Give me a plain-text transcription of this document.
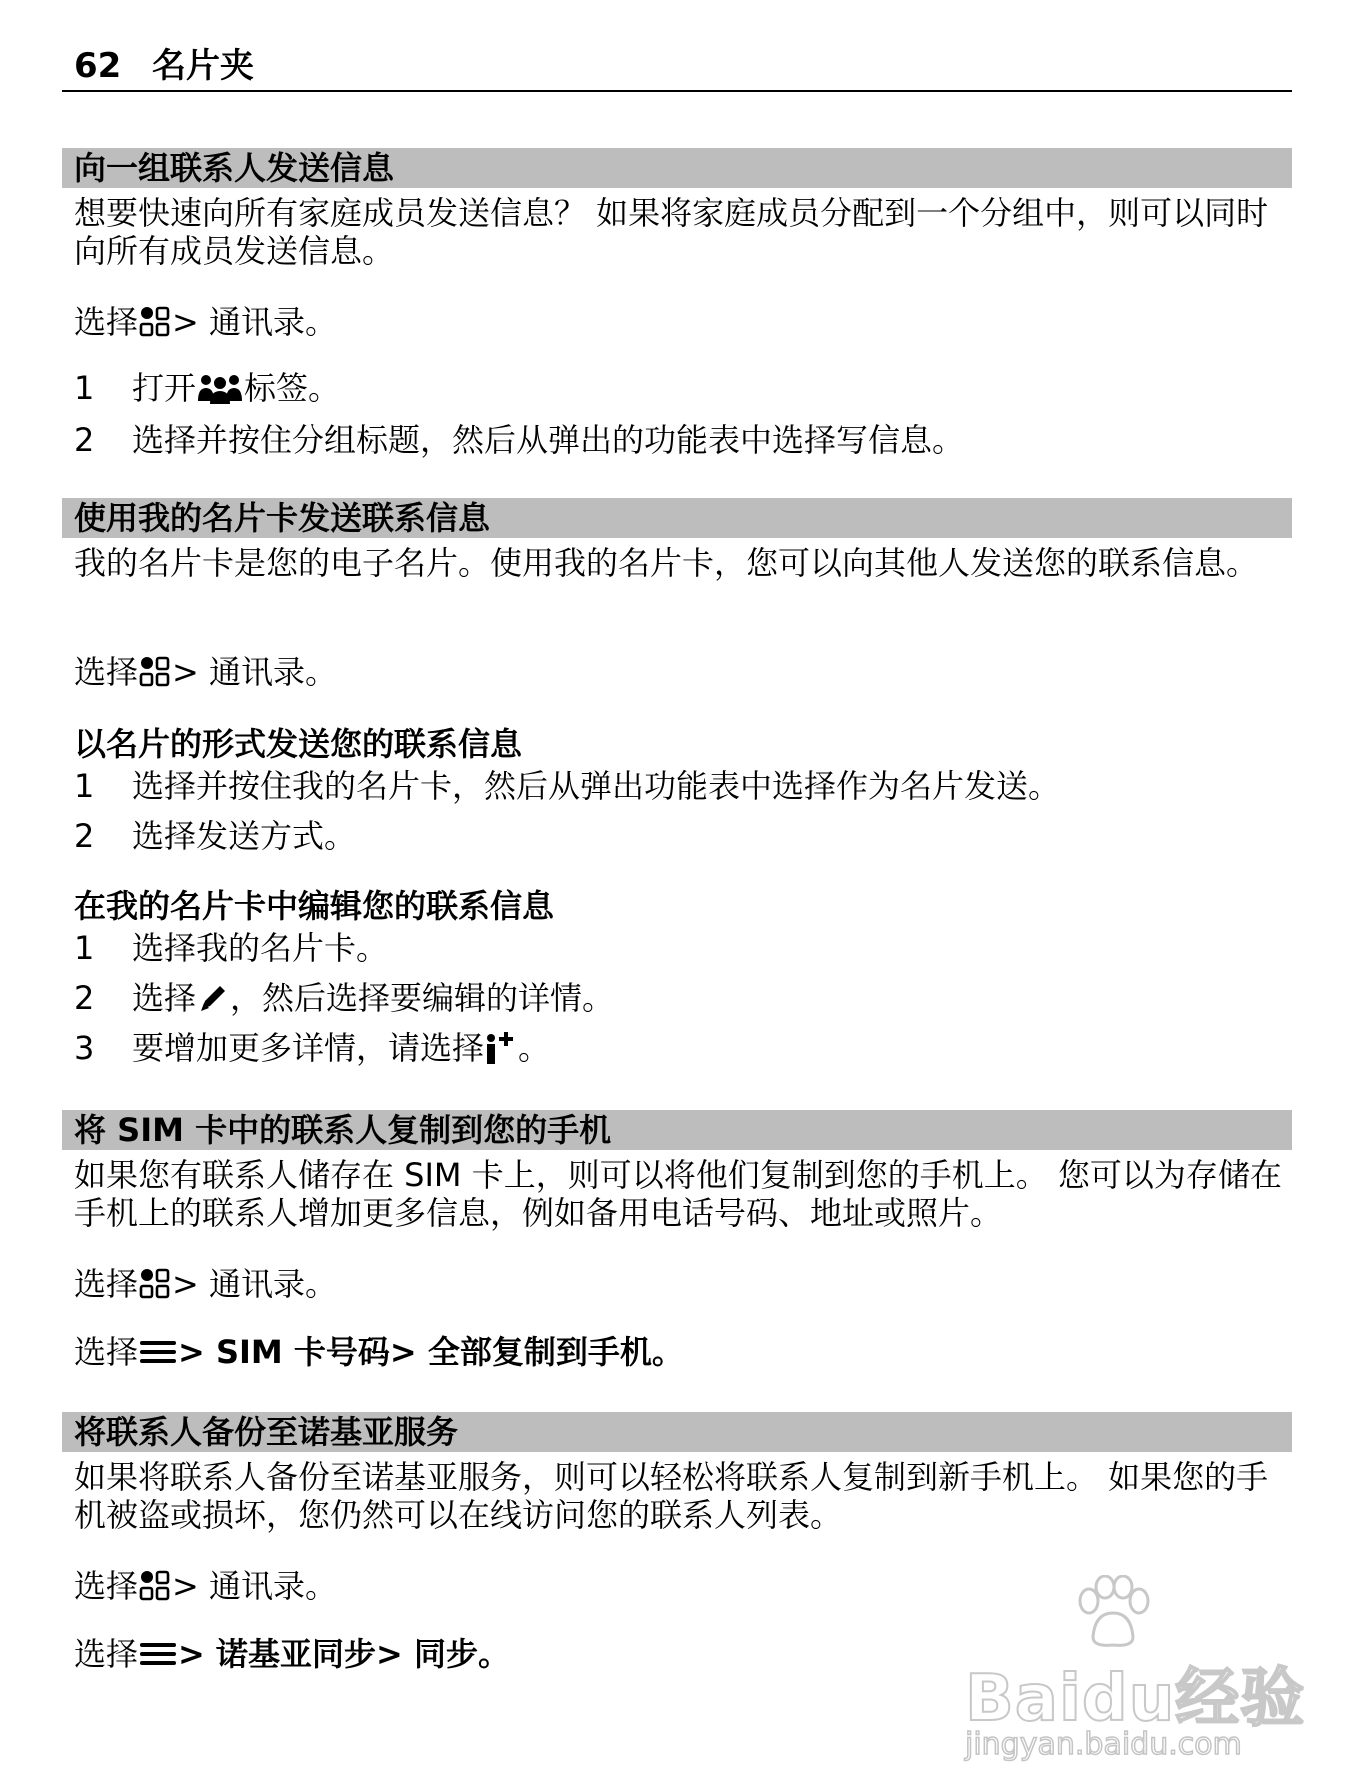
62 名片夹
向一组联系人发送信息
想要快速向所有家庭成员发送信息？ 如果将家庭成员分配到一个分组中，则可以同时向所有成员发送信息。
选择 > 通讯录。
1	打开 标签。
2	选择并按住分组标题，然后从弹出的功能表中选择写信息。
使用我的名片卡发送联系信息
我的名片卡是您的电子名片。使用我的名片卡，您可以向其他人发送您的联系信息。
选择 > 通讯录。
以名片的形式发送您的联系信息
1	选择并按住我的名片卡，然后从弹出功能表中选择作为名片发送。
2	选择发送方式。
在我的名片卡中编辑您的联系信息
1	选择我的名片卡。
2	选择 ，然后选择要编辑的详情。
3	要增加更多详情，请选择 。
将 SIM 卡中的联系人复制到您的手机
如果您有联系人储存在 SIM 卡上，则可以将他们复制到您的手机上。 您可以为存储在手机上的联系人增加更多信息，例如备用电话号码、地址或照片。
选择 > 通讯录。
选择 > SIM 卡号码 > 全部复制到手机。
将联系人备份至诺基亚服务
如果将联系人备份至诺基亚服务，则可以轻松将联系人复制到新手机上。 如果您的手机被盗或损坏，您仍然可以在线访问您的联系人列表。
选择 > 通讯录。
选择 > 诺基亚同步 > 同步。
Baidu经验
jingyan.baidu.com
